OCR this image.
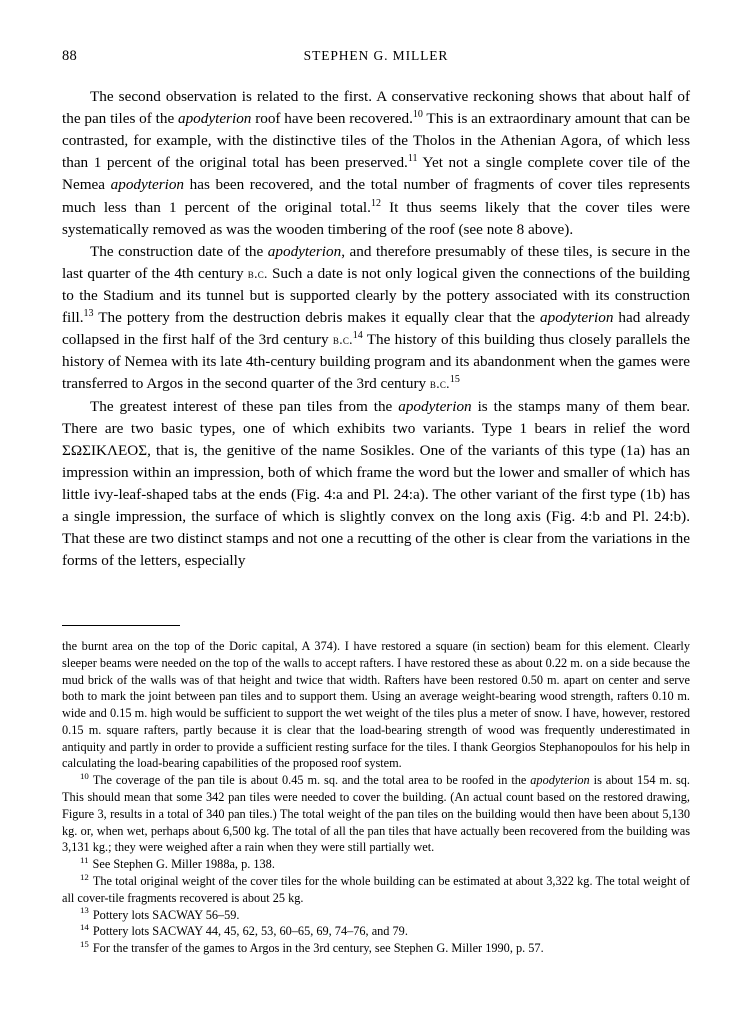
88	STEPHEN G. MILLER

The second observation is related to the first. A conservative reckoning shows that about half of the pan tiles of the apodyterion roof have been recovered.$^{10}$ This is an extraordinary amount that can be contrasted, for example, with the distinctive tiles of the Tholos in the Athenian Agora, of which less than 1 percent of the original total has been preserved.$^{11}$ Yet not a single complete cover tile of the Nemea apodyterion has been recovered, and the total number of fragments of cover tiles represents much less than 1 percent of the original total.$^{12}$ It thus seems likely that the cover tiles were systematically removed as was the wooden timbering of the roof (see note 8 above).

The construction date of the apodyterion, and therefore presumably of these tiles, is secure in the last quarter of the 4th century b.c. Such a date is not only logical given the connections of the building to the Stadium and its tunnel but is supported clearly by the pottery associated with its construction fill.$^{13}$ The pottery from the destruction debris makes it equally clear that the apodyterion had already collapsed in the first half of the 3rd century b.c.$^{14}$ The history of this building thus closely parallels the history of Nemea with its late 4th-century building program and its abandonment when the games were transferred to Argos in the second quarter of the 3rd century b.c.$^{15}$

The greatest interest of these pan tiles from the apodyterion is the stamps many of them bear. There are two basic types, one of which exhibits two variants. Type 1 bears in relief the word ΣΩΣΙΚΛΕΟΣ, that is, the genitive of the name Sosikles. One of the variants of this type (1a) has an impression within an impression, both of which frame the word but the lower and smaller of which has little ivy-leaf-shaped tabs at the ends (Fig. 4:a and Pl. 24:a). The other variant of the first type (1b) has a single impression, the surface of which is slightly convex on the long axis (Fig. 4:b and Pl. 24:b). That these are two distinct stamps and not one a recutting of the other is clear from the variations in the forms of the letters, especially

the burnt area on the top of the Doric capital, A 374). I have restored a square (in section) beam for this element. Clearly sleeper beams were needed on the top of the walls to accept rafters. I have restored these as about 0.22 m. on a side because the mud brick of the walls was of that height and twice that width. Rafters have been restored 0.50 m. apart on center and serve both to mark the joint between pan tiles and to support them. Using an average weight-bearing wood strength, rafters 0.10 m. wide and 0.15 m. high would be sufficient to support the wet weight of the tiles plus a meter of snow. I have, however, restored 0.15 m. square rafters, partly because it is clear that the load-bearing strength of wood was frequently underestimated in antiquity and partly in order to provide a sufficient resting surface for the tiles. I thank Georgios Stephanopoulos for his help in calculating the load-bearing capabilities of the proposed roof system.

$^{10}$ The coverage of the pan tile is about 0.45 m. sq. and the total area to be roofed in the apodyterion is about 154 m. sq. This should mean that some 342 pan tiles were needed to cover the building. (An actual count based on the restored drawing, Figure 3, results in a total of 340 pan tiles.) The total weight of the pan tiles on the building would then have been about 5,130 kg. or, when wet, perhaps about 6,500 kg. The total of all the pan tiles that have actually been recovered from the building was 3,131 kg.; they were weighed after a rain when they were still partially wet.

$^{11}$ See Stephen G. Miller 1988a, p. 138.

$^{12}$ The total original weight of the cover tiles for the whole building can be estimated at about 3,322 kg. The total weight of all cover-tile fragments recovered is about 25 kg.

$^{13}$ Pottery lots SACWAY 56–59.

$^{14}$ Pottery lots SACWAY 44, 45, 62, 53, 60–65, 69, 74–76, and 79.

$^{15}$ For the transfer of the games to Argos in the 3rd century, see Stephen G. Miller 1990, p. 57.
